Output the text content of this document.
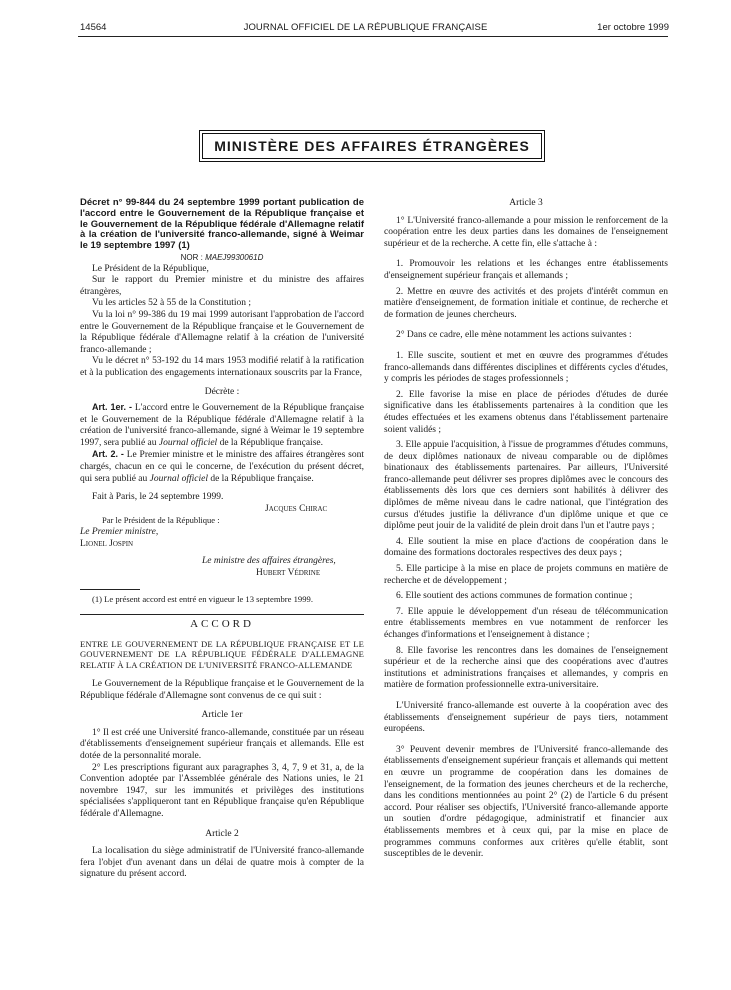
14564	JOURNAL OFFICIEL DE LA RÉPUBLIQUE FRANÇAISE	1er octobre 1999
MINISTÈRE DES AFFAIRES ÉTRANGÈRES

Décret n° 99-844 du 24 septembre 1999 portant publication de l'accord entre le Gouvernement de la République française et le Gouvernement de la République fédérale d'Allemagne relatif à la création de l'université franco-allemande, signé à Weimar le 19 septembre 1997 (1)

NOR : MAEJ9930061D

Le Président de la République,

Sur le rapport du Premier ministre et du ministre des affaires étrangères,

Vu les articles 52 à 55 de la Constitution ;

Vu la loi n° 99-386 du 19 mai 1999 autorisant l'approbation de l'accord entre le Gouvernement de la République française et le Gouvernement de la République fédérale d'Allemagne relatif à la création de l'université franco-allemande ;

Vu le décret n° 53-192 du 14 mars 1953 modifié relatif à la ratification et à la publication des engagements internationaux souscrits par la France,

Décrète :

Art. 1er. - L'accord entre le Gouvernement de la République française et le Gouvernement de la République fédérale d'Allemagne relatif à la création de l'université franco-allemande, signé à Weimar le 19 septembre 1997, sera publié au Journal officiel de la République française.

Art. 2. - Le Premier ministre et le ministre des affaires étrangères sont chargés, chacun en ce qui le concerne, de l'exécution du présent décret, qui sera publié au Journal officiel de la République française.

Fait à Paris, le 24 septembre 1999.

Jacques Chirac

Par le Président de la République :

Le Premier ministre,

Lionel Jospin

Le ministre des affaires étrangères,

Hubert Védrine

(1) Le présent accord est entré en vigueur le 13 septembre 1999.

ACCORD

ENTRE LE GOUVERNEMENT DE LA RÉPUBLIQUE FRANÇAISE ET LE GOUVERNEMENT DE LA RÉPUBLIQUE FÉDÉRALE D'ALLEMAGNE RELATIF À LA CRÉATION DE L'UNIVERSITÉ FRANCO-ALLEMANDE

Le Gouvernement de la République française et le Gouvernement de la République fédérale d'Allemagne sont convenus de ce qui suit :

Article 1er

1° Il est créé une Université franco-allemande, constituée par un réseau d'établissements d'enseignement supérieur français et allemands. Elle est dotée de la personnalité morale.

2° Les prescriptions figurant aux paragraphes 3, 4, 7, 9 et 31, a, de la Convention adoptée par l'Assemblée générale des Nations unies, le 21 novembre 1947, sur les immunités et privilèges des institutions spécialisées s'appliqueront tant en République française qu'en République fédérale d'Allemagne.

Article 2

La localisation du siège administratif de l'Université franco-allemande fera l'objet d'un avenant dans un délai de quatre mois à compter de la signature du présent accord.

Article 3

1° L'Université franco-allemande a pour mission le renforcement de la coopération entre les deux parties dans les domaines de l'enseignement supérieur et de la recherche. A cette fin, elle s'attache à :

1. Promouvoir les relations et les échanges entre établissements d'enseignement supérieur français et allemands ;

2. Mettre en œuvre des activités et des projets d'intérêt commun en matière d'enseignement, de formation initiale et continue, de recherche et de formation de jeunes chercheurs.

2° Dans ce cadre, elle mène notamment les actions suivantes :

1. Elle suscite, soutient et met en œuvre des programmes d'études franco-allemands dans différentes disciplines et différents cycles d'études, y compris les périodes de stages professionnels ;

2. Elle favorise la mise en place de périodes d'études de durée significative dans les établissements partenaires à la condition que les études effectuées et les examens obtenus dans l'établissement partenaire soient validés ;

3. Elle appuie l'acquisition, à l'issue de programmes d'études communs, de deux diplômes nationaux de niveau comparable ou de diplômes binationaux des établissements partenaires. Par ailleurs, l'Université franco-allemande peut délivrer ses propres diplômes avec le concours des établissements dès lors que ces derniers sont habilités à délivrer des diplômes de même niveau dans le cadre national, que l'intégration des cursus d'études justifie la délivrance d'un diplôme unique et que ce diplôme peut jouir de la validité de plein droit dans l'un et l'autre pays ;

4. Elle soutient la mise en place d'actions de coopération dans le domaine des formations doctorales respectives des deux pays ;

5. Elle participe à la mise en place de projets communs en matière de recherche et de développement ;

6. Elle soutient des actions communes de formation continue ;

7. Elle appuie le développement d'un réseau de télécommunication entre établissements membres en vue notamment de renforcer les échanges d'informations et l'enseignement à distance ;

8. Elle favorise les rencontres dans les domaines de l'enseignement supérieur et de la recherche ainsi que des coopérations avec d'autres institutions et administrations françaises et allemandes, y compris en matière de formation professionnelle extra-universitaire.

L'Université franco-allemande est ouverte à la coopération avec des établissements d'enseignement supérieur de pays tiers, notamment européens.

3° Peuvent devenir membres de l'Université franco-allemande des établissements d'enseignement supérieur français et allemands qui mettent en œuvre un programme de coopération dans les domaines de l'enseignement, de la formation des jeunes chercheurs et de la recherche, dans les conditions mentionnées au point 2° (2) de l'article 6 du présent accord. Pour réaliser ses objectifs, l'Université franco-allemande apporte un soutien d'ordre pédagogique, administratif et financier aux établissements membres et à ceux qui, par la mise en place de programmes communs conformes aux critères qu'elle établit, sont susceptibles de le devenir.
